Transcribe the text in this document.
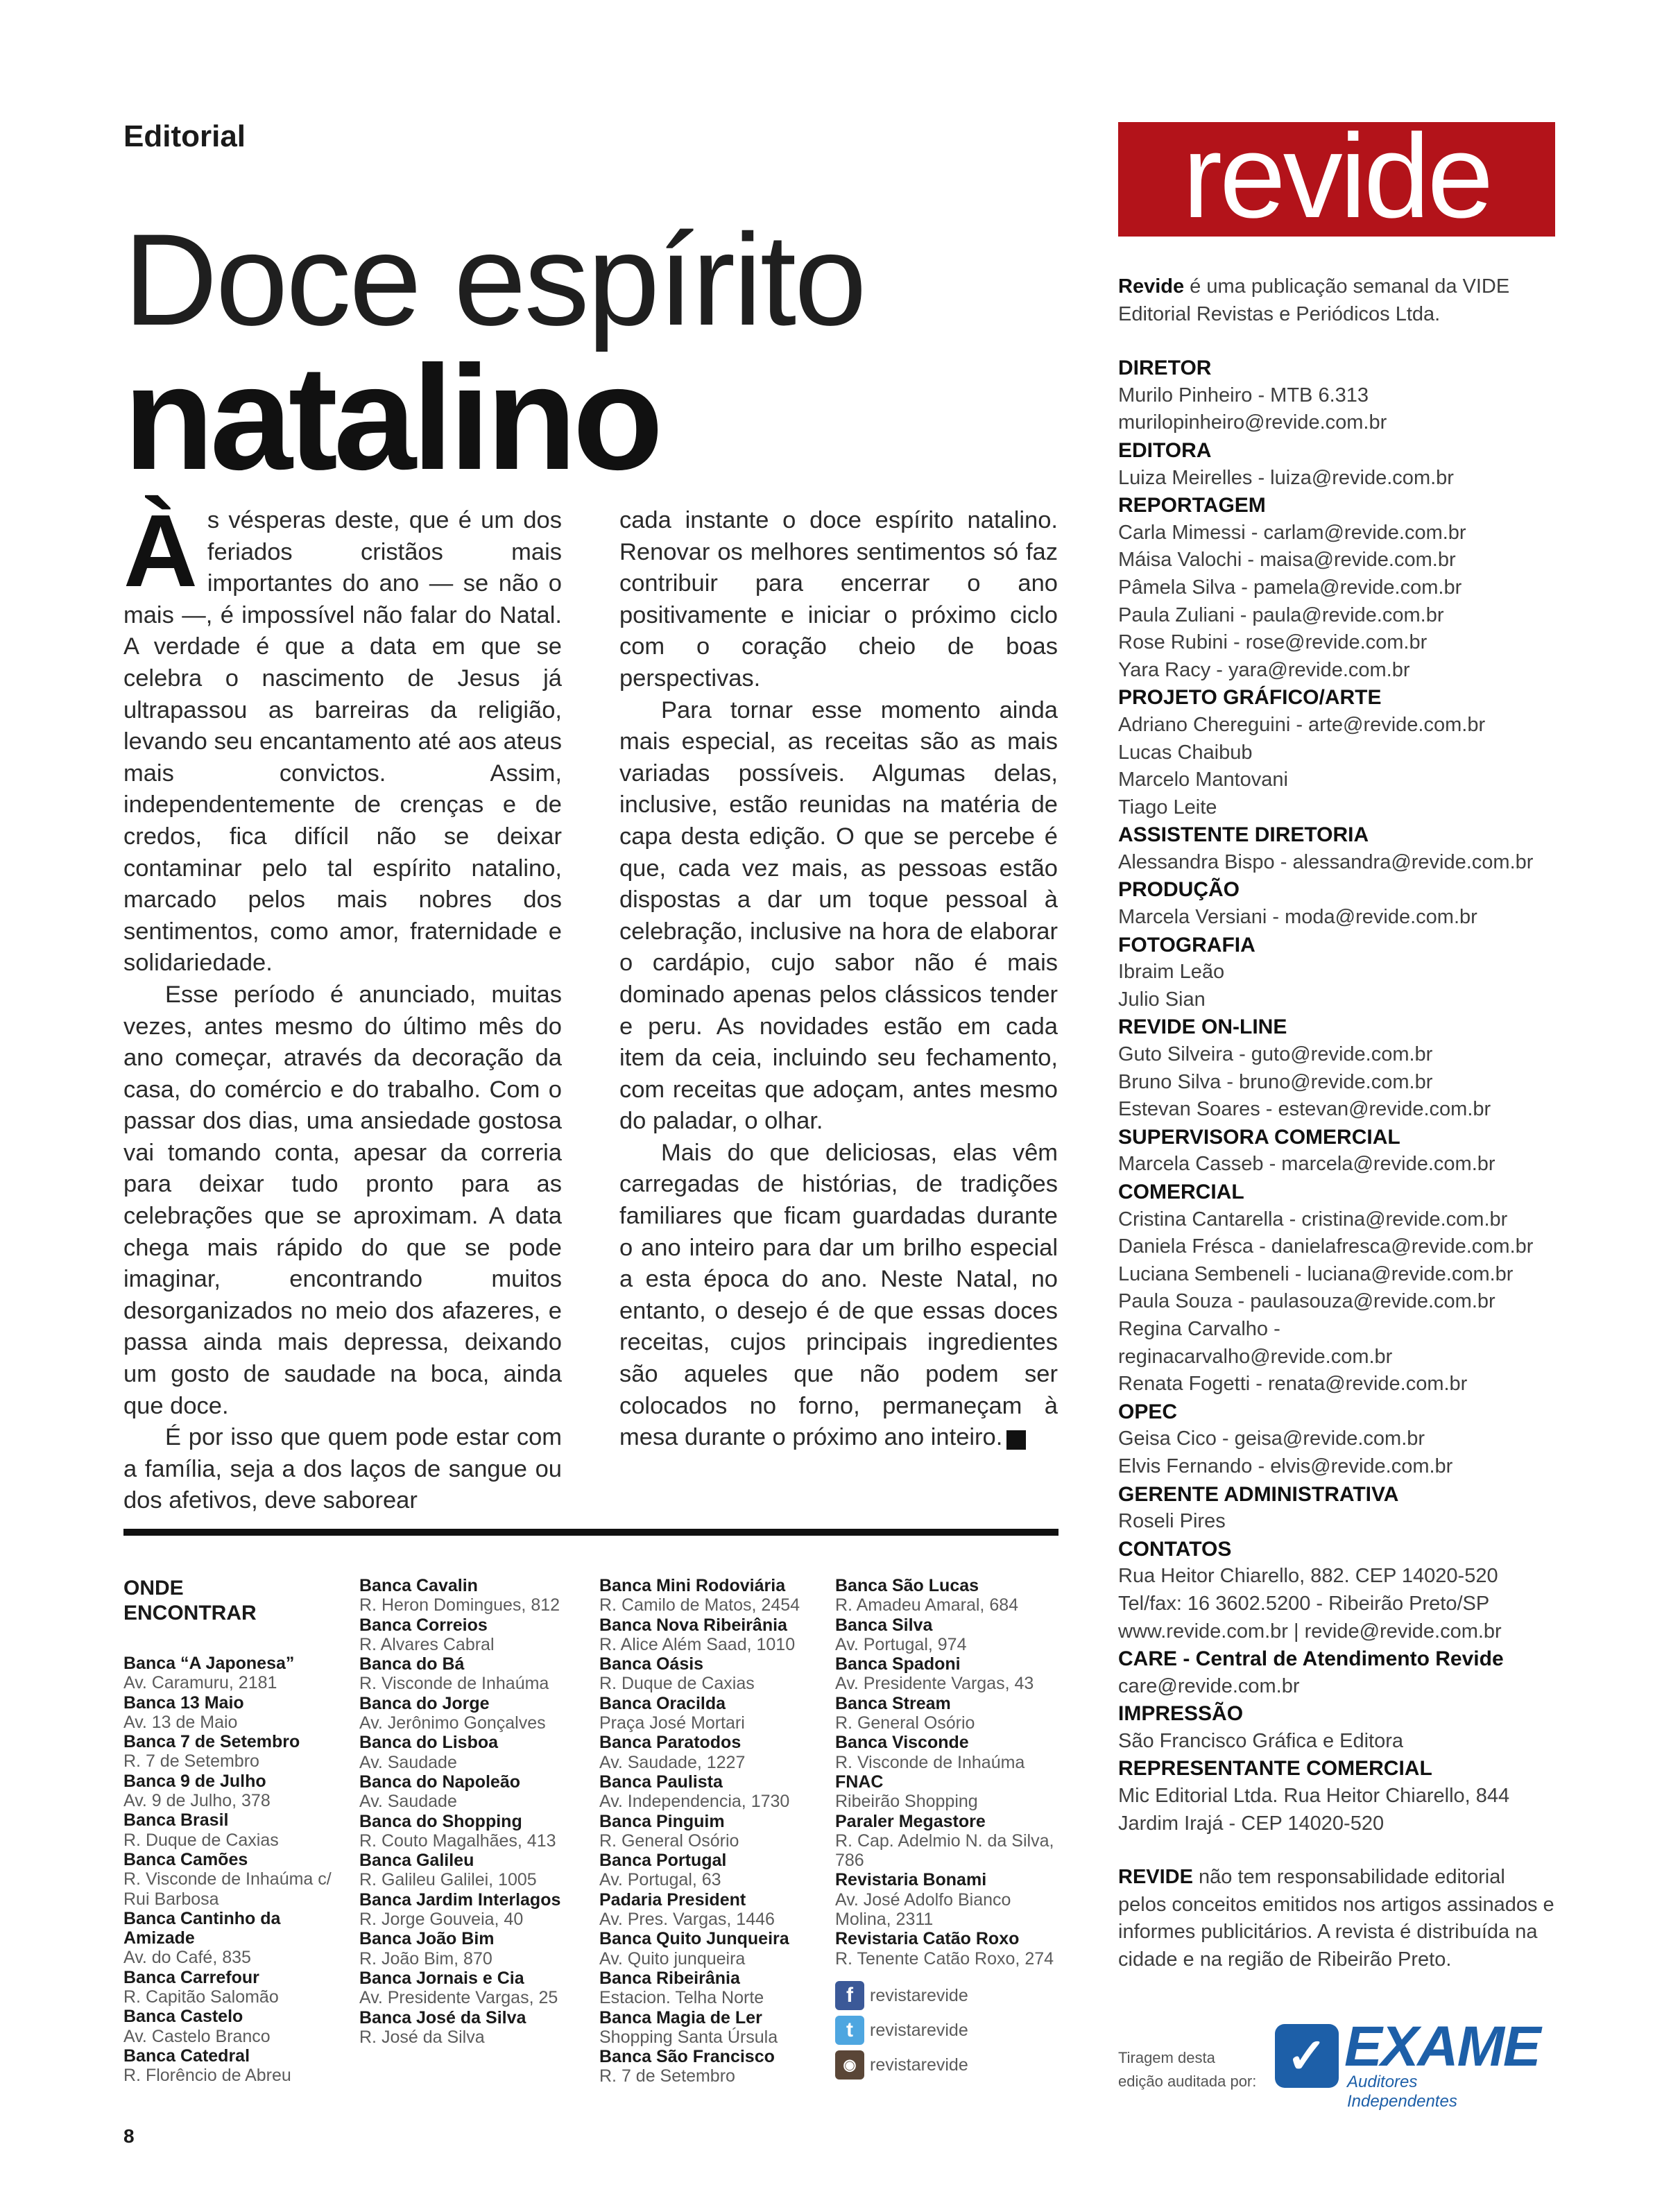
Editorial
Doce espírito
natalino

Às vésperas deste, que é um dos feriados cristãos mais importantes do ano — se não o mais —, é impossível não falar do Natal. A verdade é que a data em que se celebra o nascimento de Jesus já ultrapassou as barreiras da religião, levando seu encantamento até aos ateus mais convictos. Assim, independentemente de crenças e de credos, fica difícil não se deixar contaminar pelo tal espírito natalino, marcado pelos mais nobres dos sentimentos, como amor, fraternidade e solidariedade.

Esse período é anunciado, muitas vezes, antes mesmo do último mês do ano começar, através da decoração da casa, do comércio e do trabalho. Com o passar dos dias, uma ansiedade gostosa vai tomando conta, apesar da correria para deixar tudo pronto para as celebrações que se aproximam. A data chega mais rápido do que se pode imaginar, encontrando muitos desorganizados no meio dos afazeres, e passa ainda mais depressa, deixando um gosto de saudade na boca, ainda que doce.

É por isso que quem pode estar com a família, seja a dos laços de sangue ou dos afetivos, deve saborear

cada instante o doce espírito natalino. Renovar os melhores sentimentos só faz contribuir para encerrar o ano positivamente e iniciar o próximo ciclo com o coração cheio de boas perspectivas.

Para tornar esse momento ainda mais especial, as receitas são as mais variadas possíveis. Algumas delas, inclusive, estão reunidas na matéria de capa desta edição. O que se percebe é que, cada vez mais, as pessoas estão dispostas a dar um toque pessoal à celebração, inclusive na hora de elaborar o cardápio, cujo sabor não é mais dominado apenas pelos clássicos tender e peru. As novidades estão em cada item da ceia, incluindo seu fechamento, com receitas que adoçam, antes mesmo do paladar, o olhar.

Mais do que deliciosas, elas vêm carregadas de histórias, de tradições familiares que ficam guardadas durante o ano inteiro para dar um brilho especial a esta época do ano. Neste Natal, no entanto, o desejo é de que essas doces receitas, cujos principais ingredientes são aqueles que não podem ser colocados no forno, permaneçam à mesa durante o próximo ano inteiro.	r

ONDE
ENCONTRAR
Banca “A Japonesa”
Av. Caramuru, 2181
Banca 13 Maio
Av. 13 de Maio
Banca 7 de Setembro
R. 7 de Setembro
Banca 9 de Julho
Av. 9 de Julho, 378
Banca Brasil
R. Duque de Caxias
Banca Camões
R. Visconde de Inhaúma c/ Rui Barbosa
Banca Cantinho da Amizade
Av. do Café, 835
Banca Carrefour
R. Capitão Salomão
Banca Castelo
Av. Castelo Branco
Banca Catedral
R. Florêncio de Abreu
Banca Cavalin
R. Heron Domingues, 812
Banca Correios
R. Alvares Cabral
Banca do Bá
R. Visconde de Inhaúma
Banca do Jorge
Av. Jerônimo Gonçalves
Banca do Lisboa
Av. Saudade
Banca do Napoleão
Av. Saudade
Banca do Shopping
R. Couto Magalhães, 413
Banca Galileu
R. Galileu Galilei, 1005
Banca Jardim Interlagos
R. Jorge Gouveia, 40
Banca João Bim
R. João Bim, 870
Banca Jornais e Cia
Av. Presidente Vargas, 25
Banca José da Silva
R. José da Silva
Banca Mini Rodoviária
R. Camilo de Matos, 2454
Banca Nova Ribeirânia
R. Alice Além Saad, 1010
Banca Oásis
R. Duque de Caxias
Banca Oracilda
Praça José Mortari
Banca Paratodos
Av. Saudade, 1227
Banca Paulista
Av. Independencia, 1730
Banca Pinguim
R. General Osório
Banca Portugal
Av. Portugal, 63
Padaria President
Av. Pres. Vargas, 1446
Banca Quito Junqueira
Av. Quito junqueira
Banca Ribeirânia
Estacion. Telha Norte
Banca Magia de Ler
Shopping Santa Úrsula
Banca São Francisco
R. 7 de Setembro
Banca São Lucas
R. Amadeu Amaral, 684
Banca Silva
Av. Portugal, 974
Banca Spadoni
Av. Presidente Vargas, 43
Banca Stream
R. General Osório
Banca Visconde
R. Visconde de Inhaúma
FNAC
Ribeirão Shopping
Paraler Megastore
R. Cap. Adelmio N. da Silva, 786
Revistaria Bonami
Av. José Adolfo Bianco Molina, 2311
Revistaria Catão Roxo
R. Tenente Catão Roxo, 274
f revistarevide
t revistarevide
◉ revistarevide
revide
Revide é uma publicação semanal da VIDE Editorial Revistas e Periódicos Ltda.
DIRETOR
Murilo Pinheiro - MTB 6.313
murilopinheiro@revide.com.br
EDITORA
Luiza Meirelles - luiza@revide.com.br
REPORTAGEM
Carla Mimessi - carlam@revide.com.br
Máisa Valochi - maisa@revide.com.br
Pâmela Silva - pamela@revide.com.br
Paula Zuliani - paula@revide.com.br
Rose Rubini - rose@revide.com.br
Yara Racy - yara@revide.com.br
PROJETO GRÁFICO/ARTE
Adriano Chereguini - arte@revide.com.br
Lucas Chaibub
Marcelo Mantovani
Tiago Leite
ASSISTENTE DIRETORIA
Alessandra Bispo - alessandra@revide.com.br
PRODUÇÃO
Marcela Versiani - moda@revide.com.br
FOTOGRAFIA
Ibraim Leão
Julio Sian
REVIDE ON-LINE
Guto Silveira - guto@revide.com.br
Bruno Silva - bruno@revide.com.br
Estevan Soares - estevan@revide.com.br
SUPERVISORA COMERCIAL
Marcela Casseb - marcela@revide.com.br
COMERCIAL
Cristina Cantarella - cristina@revide.com.br
Daniela Frésca - danielafresca@revide.com.br
Luciana Sembeneli - luciana@revide.com.br
Paula Souza - paulasouza@revide.com.br
Regina Carvalho - reginacarvalho@revide.com.br
Renata Fogetti - renata@revide.com.br
OPEC
Geisa Cico - geisa@revide.com.br
Elvis Fernando - elvis@revide.com.br
GERENTE ADMINISTRATIVA
Roseli Pires
CONTATOS
Rua Heitor Chiarello, 882. CEP 14020-520
Tel/fax: 16 3602.5200 - Ribeirão Preto/SP
www.revide.com.br | revide@revide.com.br
CARE - Central de Atendimento Revide
care@revide.com.br
IMPRESSÃO
São Francisco Gráfica e Editora
REPRESENTANTE COMERCIAL
Mic Editorial Ltda. Rua Heitor Chiarello, 844
Jardim Irajá - CEP 14020-520
REVIDE não tem responsabilidade editorial pelos conceitos emitidos nos artigos assinados e informes publicitários. A revista é distribuída na cidade e na região de Ribeirão Preto.
Tiragem desta
edição auditada por: ✓ EXAME
Auditores Independentes
8
